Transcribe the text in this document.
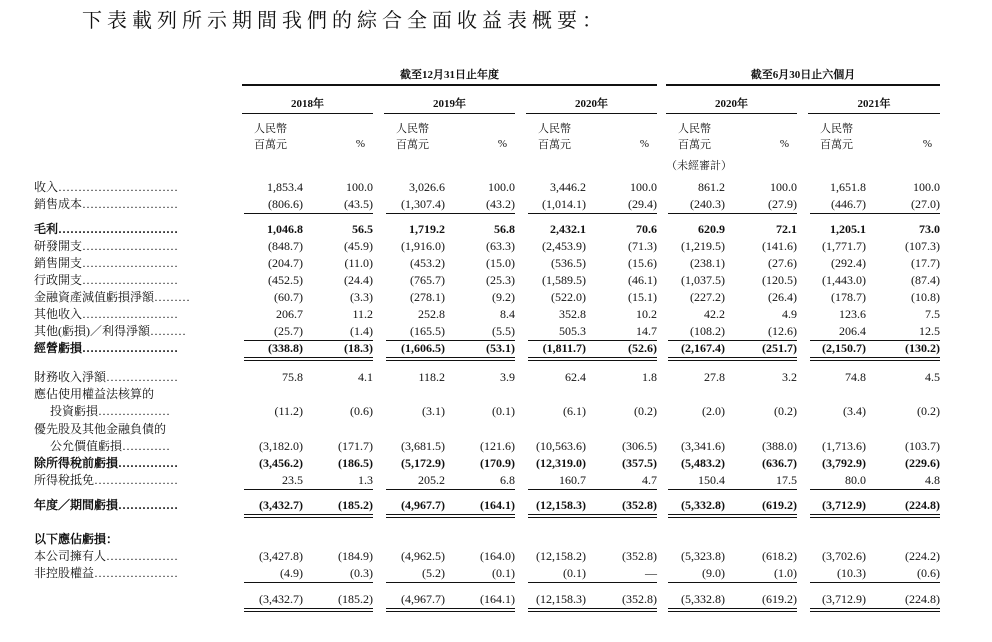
下表載列所示期間我們的綜合全面收益表概要：
截至12月31日止年度	截至6月30日止六個月
2018年	2019年	2020年	2020年	2021年
人民幣
百萬元	%
人民幣
百萬元	%
人民幣
百萬元	%
人民幣
百萬元	%
人民幣
百萬元	%
（未經審計）
收入…………………………	1,853.4	100.0	3,026.6	100.0	3,446.2	100.0	861.2	100.0	1,651.8	100.0
銷售成本……………………	(806.6)	(43.5)	(1,307.4)	(43.2)	(1,014.1)	(29.4)	(240.3)	(27.9)	(446.7)	(27.0)
毛利…………………………	1,046.8	56.5	1,719.2	56.8	2,432.1	70.6	620.9	72.1	1,205.1	73.0
研發開支……………………	(848.7)	(45.9)	(1,916.0)	(63.3)	(2,453.9)	(71.3)	(1,219.5)	(141.6)	(1,771.7)	(107.3)
銷售開支……………………	(204.7)	(11.0)	(453.2)	(15.0)	(536.5)	(15.6)	(238.1)	(27.6)	(292.4)	(17.7)
行政開支……………………	(452.5)	(24.4)	(765.7)	(25.3)	(1,589.5)	(46.1)	(1,037.5)	(120.5)	(1,443.0)	(87.4)
金融資產減值虧損淨額………	(60.7)	(3.3)	(278.1)	(9.2)	(522.0)	(15.1)	(227.2)	(26.4)	(178.7)	(10.8)
其他收入……………………	206.7	11.2	252.8	8.4	352.8	10.2	42.2	4.9	123.6	7.5
其他(虧損)／利得淨額………	(25.7)	(1.4)	(165.5)	(5.5)	505.3	14.7	(108.2)	(12.6)	206.4	12.5
經營虧損……………………	(338.8)	(18.3)	(1,606.5)	(53.1)	(1,811.7)	(52.6)	(2,167.4)	(251.7)	(2,150.7)	(130.2)
財務收入淨額………………	75.8	4.1	118.2	3.9	62.4	1.8	27.8	3.2	74.8	4.5
應佔使用權益法核算的
投資虧損………………	(11.2)	(0.6)	(3.1)	(0.1)	(6.1)	(0.2)	(2.0)	(0.2)	(3.4)	(0.2)
優先股及其他金融負債的
公允價值虧損…………	(3,182.0)	(171.7)	(3,681.5)	(121.6)	(10,563.6)	(306.5)	(3,341.6)	(388.0)	(1,713.6)	(103.7)
除所得稅前虧損……………	(3,456.2)	(186.5)	(5,172.9)	(170.9)	(12,319.0)	(357.5)	(5,483.2)	(636.7)	(3,792.9)	(229.6)
所得稅抵免…………………	23.5	1.3	205.2	6.8	160.7	4.7	150.4	17.5	80.0	4.8
年度／期間虧損……………	(3,432.7)	(185.2)	(4,967.7)	(164.1)	(12,158.3)	(352.8)	(5,332.8)	(619.2)	(3,712.9)	(224.8)
以下應佔虧損：
本公司擁有人………………	(3,427.8)	(184.9)	(4,962.5)	(164.0)	(12,158.2)	(352.8)	(5,323.8)	(618.2)	(3,702.6)	(224.2)
非控股權益…………………	(4.9)	(0.3)	(5.2)	(0.1)	(0.1)	—	(9.0)	(1.0)	(10.3)	(0.6)
(3,432.7)	(185.2)	(4,967.7)	(164.1)	(12,158.3)	(352.8)	(5,332.8)	(619.2)	(3,712.9)	(224.8)
